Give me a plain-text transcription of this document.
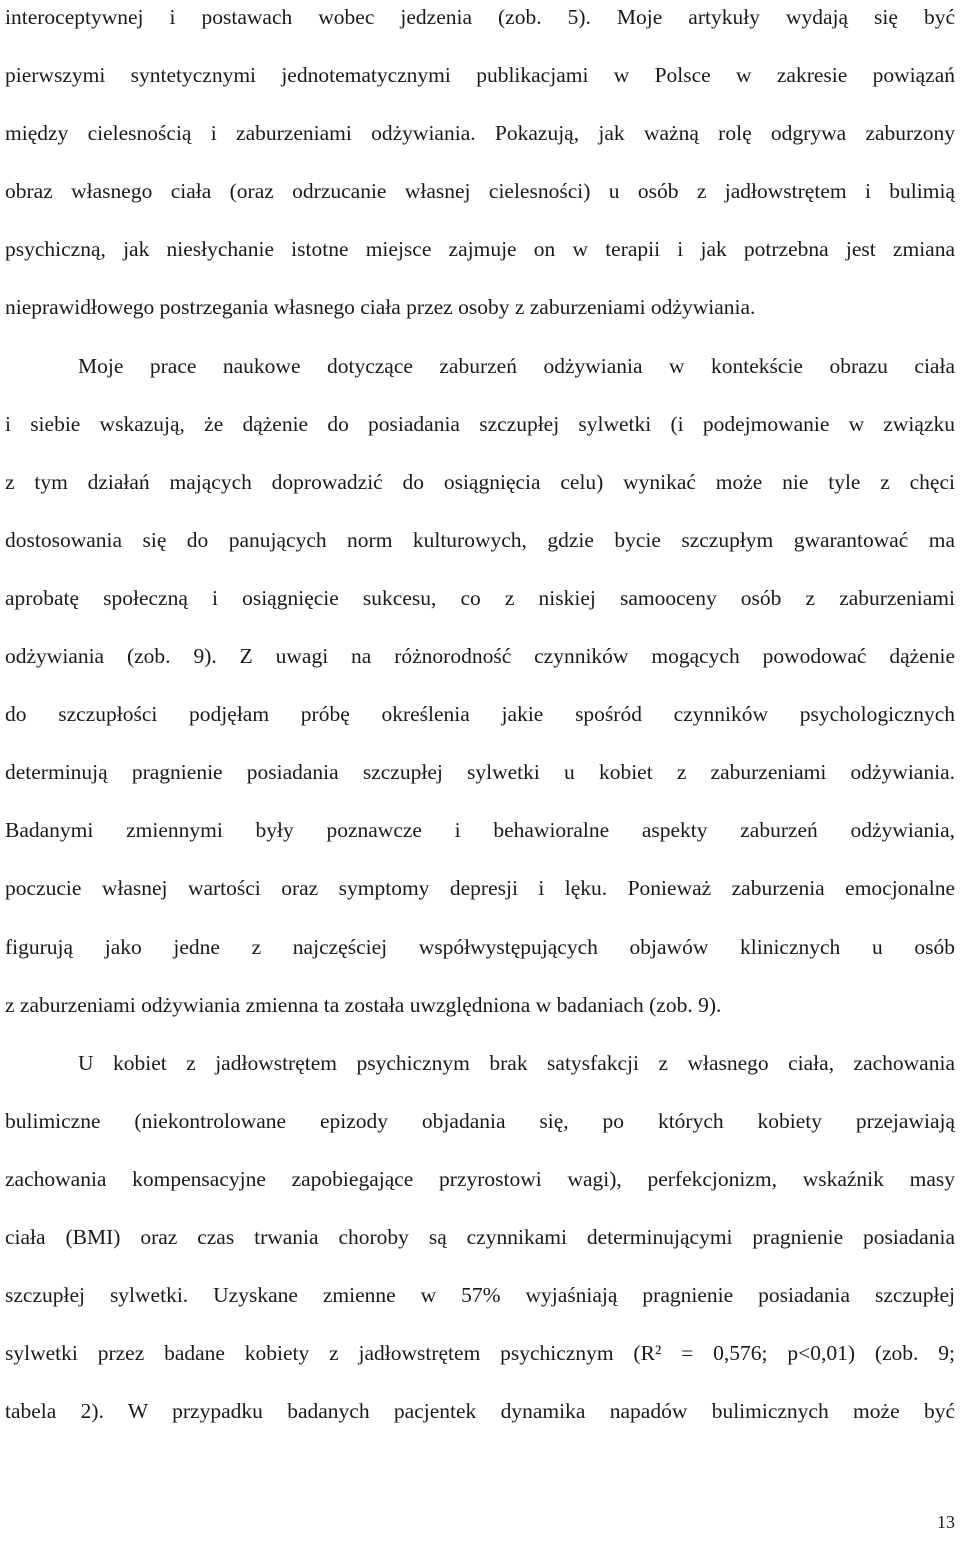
interoceptywnej i postawach wobec jedzenia (zob. 5). Moje artykuły wydają się być
pierwszymi syntetycznymi jednotematycznymi publikacjami w Polsce w zakresie powiązań
między cielesnością i zaburzeniami odżywiania. Pokazują, jak ważną rolę odgrywa zaburzony
obraz własnego ciała (oraz odrzucanie własnej cielesności) u osób z jadłowstrętem i bulimią
psychiczną, jak niesłychanie istotne miejsce zajmuje on w terapii i jak potrzebna jest zmiana
nieprawidłowego postrzegania własnego ciała przez osoby z zaburzeniami odżywiania.
Moje prace naukowe dotyczące zaburzeń odżywiania w kontekście obrazu ciała
i siebie wskazują, że dążenie do posiadania szczupłej sylwetki (i podejmowanie w związku
z tym działań mających doprowadzić do osiągnięcia celu) wynikać może nie tyle z chęci
dostosowania się do panujących norm kulturowych, gdzie bycie szczupłym gwarantować ma
aprobatę społeczną i osiągnięcie sukcesu, co z niskiej samooceny osób z zaburzeniami
odżywiania (zob. 9). Z uwagi na różnorodność czynników mogących powodować dążenie
do szczupłości podjęłam próbę określenia jakie spośród czynników psychologicznych
determinują pragnienie posiadania szczupłej sylwetki u kobiet z zaburzeniami odżywiania.
Badanymi zmiennymi były poznawcze i behawioralne aspekty zaburzeń odżywiania,
poczucie własnej wartości oraz symptomy depresji i lęku. Ponieważ zaburzenia emocjonalne
figurują jako jedne z najczęściej współwystępujących objawów klinicznych u osób
z zaburzeniami odżywiania zmienna ta została uwzględniona w badaniach (zob. 9).
U kobiet z jadłowstrętem psychicznym brak satysfakcji z własnego ciała, zachowania
bulimiczne (niekontrolowane epizody objadania się, po których kobiety przejawiają
zachowania kompensacyjne zapobiegające przyrostowi wagi), perfekcjonizm, wskaźnik masy
ciała (BMI) oraz czas trwania choroby są czynnikami determinującymi pragnienie posiadania
szczupłej sylwetki. Uzyskane zmienne w 57% wyjaśniają pragnienie posiadania szczupłej
sylwetki przez badane kobiety z jadłowstrętem psychicznym (R² = 0,576; p<0,01) (zob. 9;
tabela 2). W przypadku badanych pacjentek dynamika napadów bulimicznych może być
13
